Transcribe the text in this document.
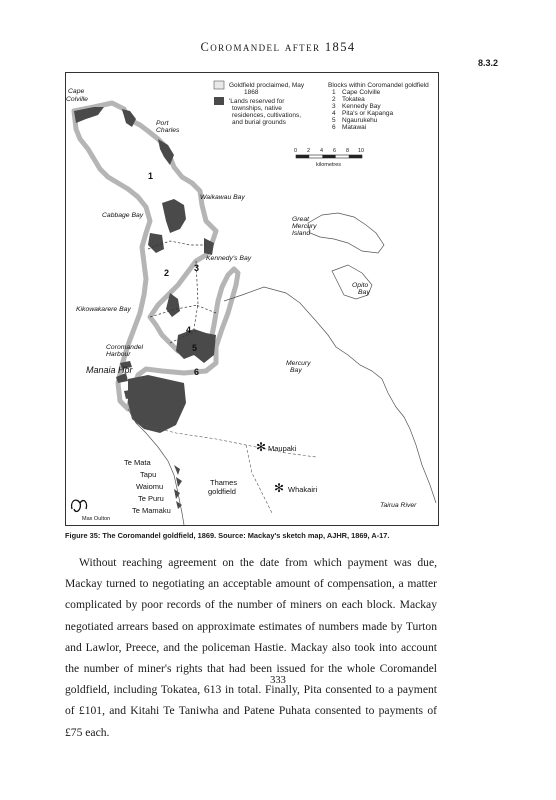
Coromandel after 1854
8.3.2
Goldfield proclaimed, May
1868
'Lands reserved for
townships, native
residences, cultivations,
and burial grounds
Blocks within Coromandel goldfield
1 Cape Colville
2 Tokatea
3 Kennedy Bay
4 Pita's or Kapanga
5 Ngaurukehu
6 Matawai
0 2 4 6 8 10
kilometres
✻
✻
Cape
Colville
Port
Charles
Waikawau Bay
Cabbage Bay
Great
Mercury
Island
Kennedy's Bay
Opito
Bay
Kikowakarere Bay
Coromandel
Harbour
Mercury
Bay
Tairua River
Manaia Hbr
Maupaki
Whakairi
Te Mata
Tapu
Waiomu
Te Puru
Te Mamaku
Thames
goldfield
1
2	3
4
5
6
Max Oulton
Figure 35: The Coromandel goldfield, 1869. Source: Mackay's sketch map, AJHR, 1869, A-17.

Without reaching agreement on the date from which payment was due, Mackay turned to negotiating an acceptable amount of compensation, a matter complicated by poor records of the number of miners on each block. Mackay negotiated arrears based on approximate estimates of numbers made by Turton and Lawlor, Preece, and the policeman Hastie. Mackay also took into account the number of miner's rights that had been issued for the whole Coromandel goldfield, including Tokatea, 613 in total. Finally, Pita consented to a payment of £101, and Kitahi Te Taniwha and Patene Puhata consented to payments of £75 each.

333
